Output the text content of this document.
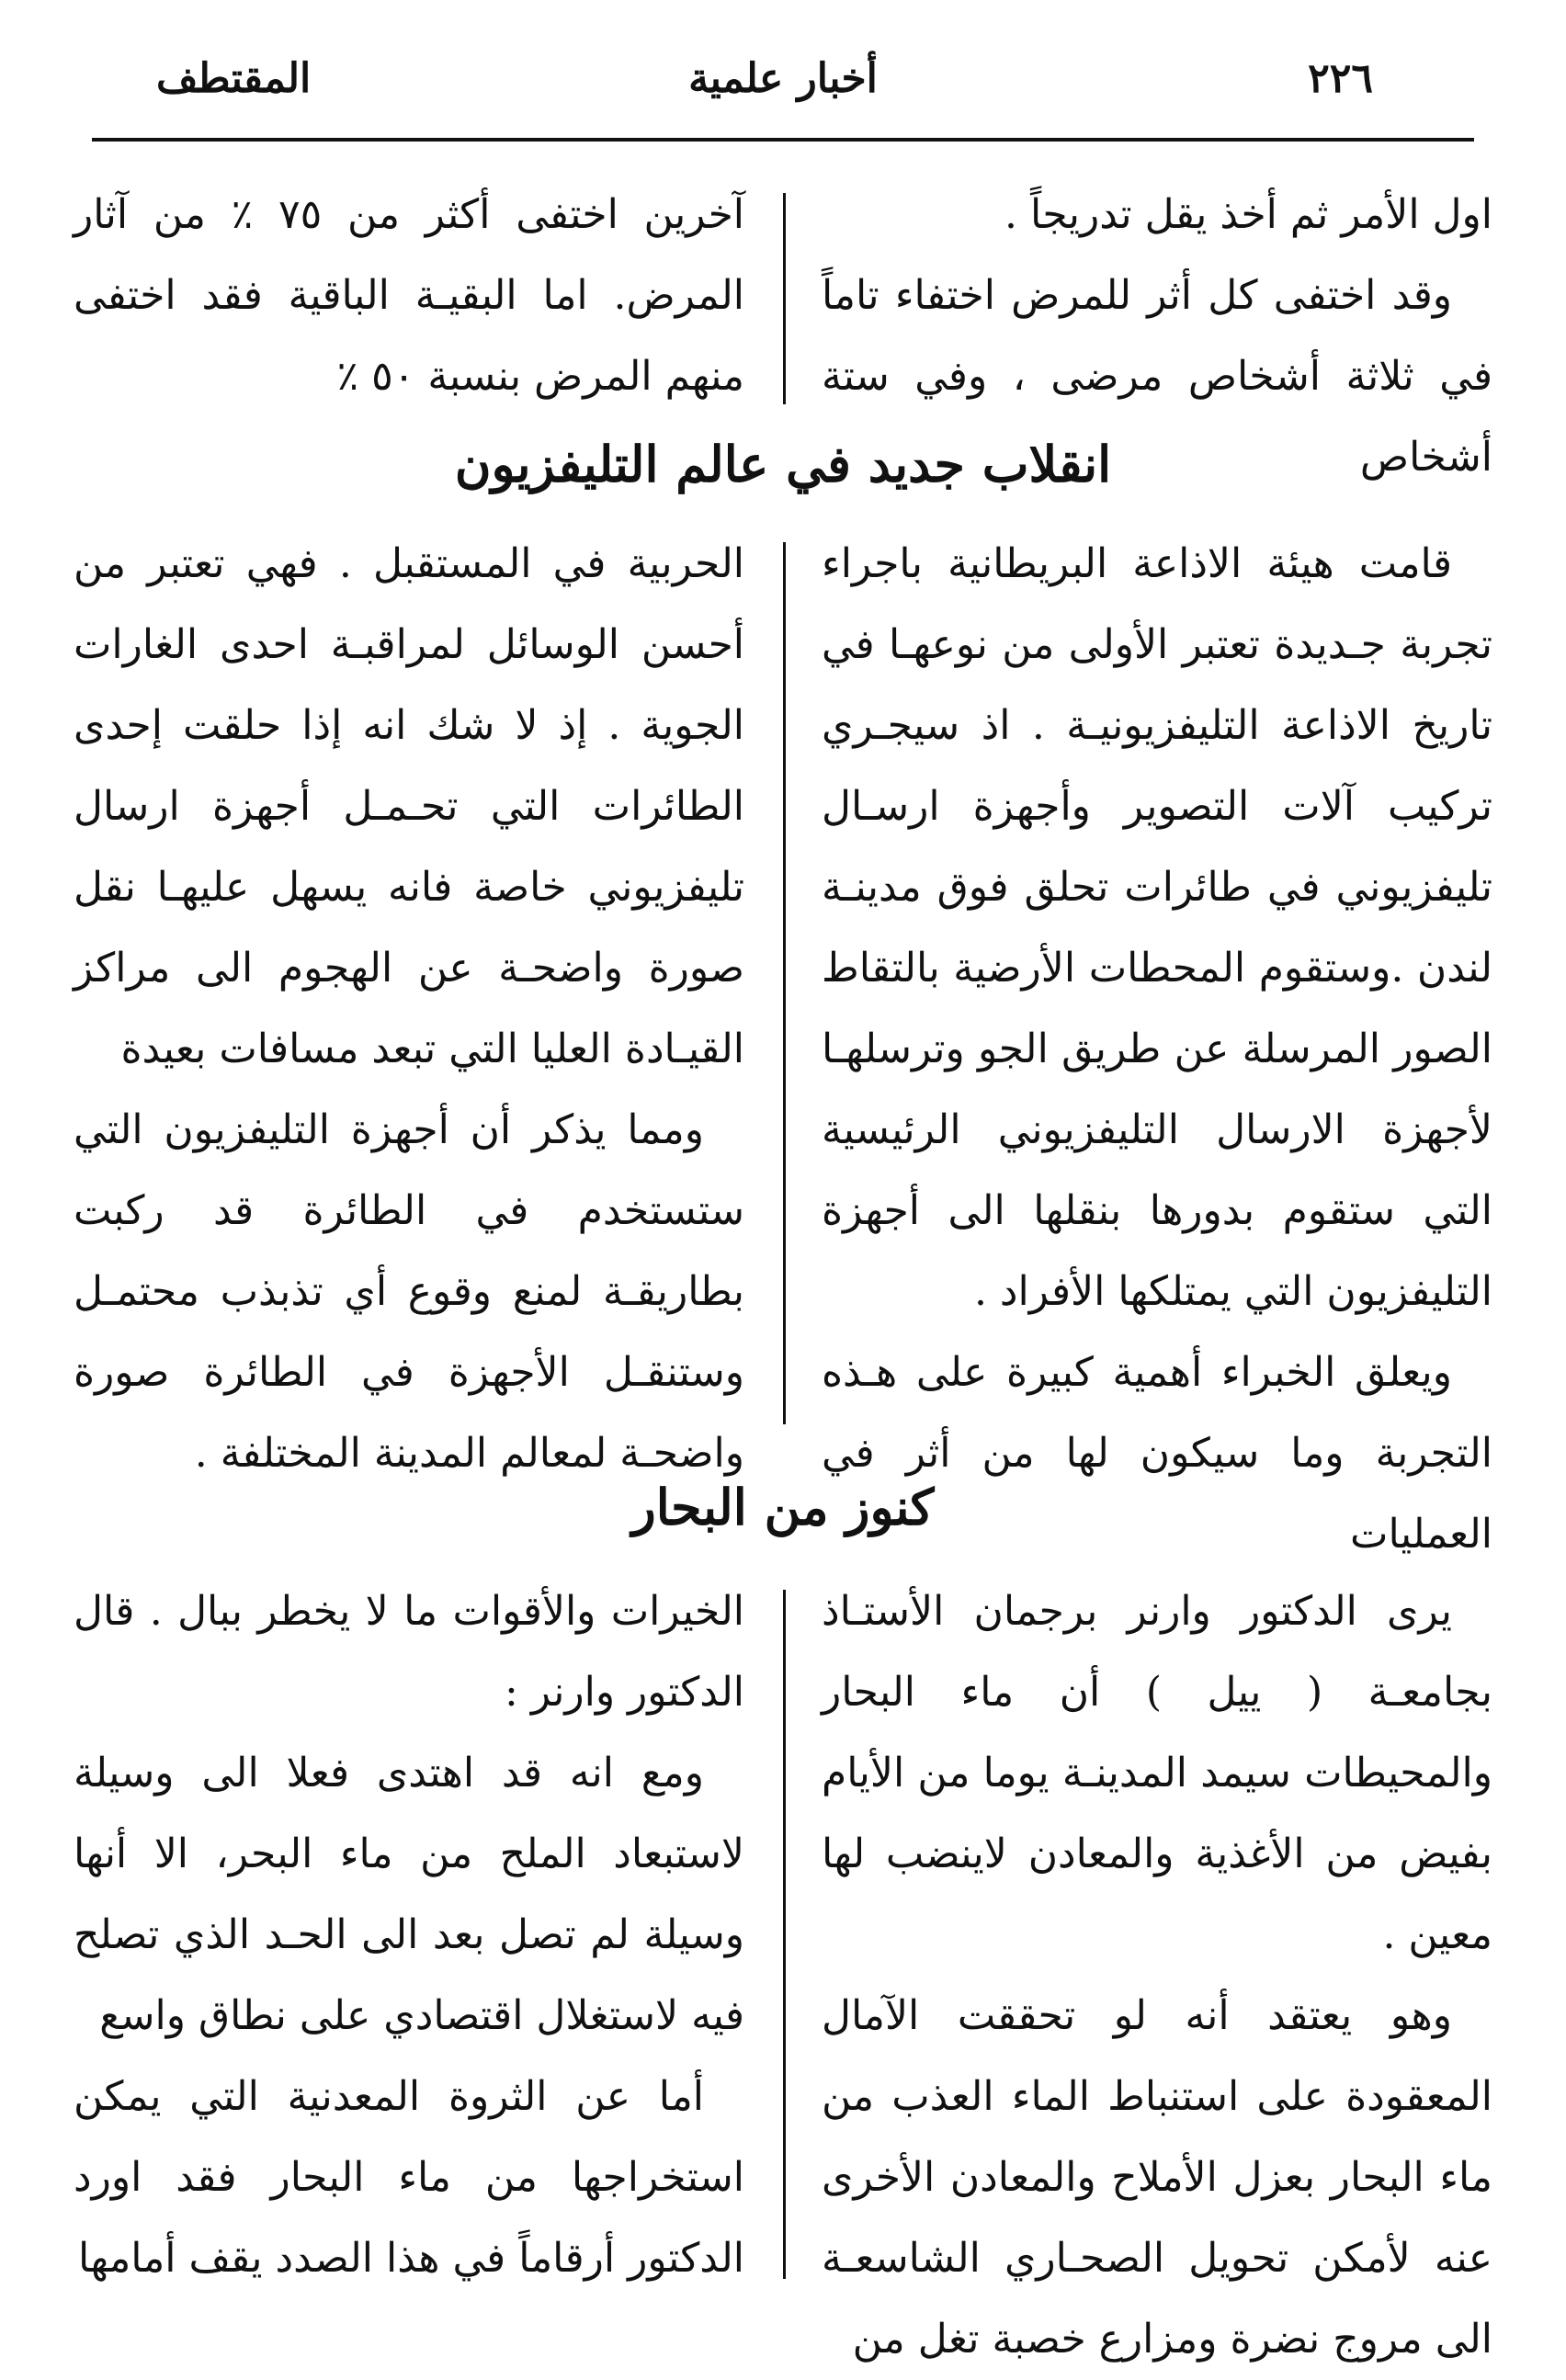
٢٢٦
أخبار علمية
المقتطف

اول الأمر ثم أخذ يقل تدريجاً .

وقد اختفى كل أثر للمرض اختفاء تاماً في ثلاثة أشخاص مرضى ، وفي ستة أشخاص

آخرين اختفى أكثر من ٧٥ ٪ من آثار المرض. اما البقيـة الباقية فقد اختفى منهم المرض بنسبة ٥٠ ٪

انقلاب جديد في عالم التليفزيون

قامت هيئة الاذاعة البريطانية باجراء تجربة جـديدة تعتبر الأولى من نوعهـا في تاريخ الاذاعة التليفزيونيـة . اذ سيجـري تركيب آلات التصوير وأجهزة ارسـال تليفزيوني في طائرات تحلق فوق مدينـة لندن .وستقوم المحطات الأرضية بالتقاط الصور المرسلة عن طريق الجو وترسلهـا لأجهزة الارسال التليفزيوني الرئيسية التي ستقوم بدورها بنقلها الى أجهزة التليفزيون التي يمتلكها الأفراد .

ويعلق الخبراء أهمية كبيرة على هـذه التجربة وما سيكون لها من أثر في العمليات

الحربية في المستقبل . فهي تعتبر من أحسن الوسائل لمراقبـة احدى الغارات الجوية . إذ لا شك انه إذا حلقت إحدى الطائرات التي تحـمـل أجهزة ارسال تليفزيوني خاصة فانه يسهل عليهـا نقل صورة واضحـة عن الهجوم الى مراكز القيـادة العليا التي تبعد مسافات بعيدة

ومما يذكر أن أجهزة التليفزيون التي ستستخدم في الطائرة قد ركبت بطاريقـة لمنع وقوع أي تذبذب محتمـل وستنقـل الأجهزة في الطائرة صورة واضحـة لمعالم المدينة المختلفة .

كنوز من البحار

يرى الدكتور وارنر برجمان الأستـاذ بجامعـة ( ييل ) أن ماء البحار والمحيطات سيمد المدينـة يوما من الأيام بفيض من الأغذية والمعادن لاينضب لها معين .

وهو يعتقد أنه لو تحققت الآمال المعقودة على استنباط الماء العذب من ماء البحار بعزل الأملاح والمعادن الأخرى عنه لأمكن تحويل الصحـاري الشاسعـة الى مروج نضرة ومزارع خصبة تغل من

الخيرات والأقوات ما لا يخطر ببال . قال الدكتور وارنر :

ومع انه قد اهتدى فعلا الى وسيلة لاستبعاد الملح من ماء البحر، الا أنها وسيلة لم تصل بعد الى الحـد الذي تصلح فيه لاستغلال اقتصادي على نطاق واسع

أما عن الثروة المعدنية التي يمكن استخراجها من ماء البحار فقد اورد الدكتور أرقاماً في هذا الصدد يقف أمامها
